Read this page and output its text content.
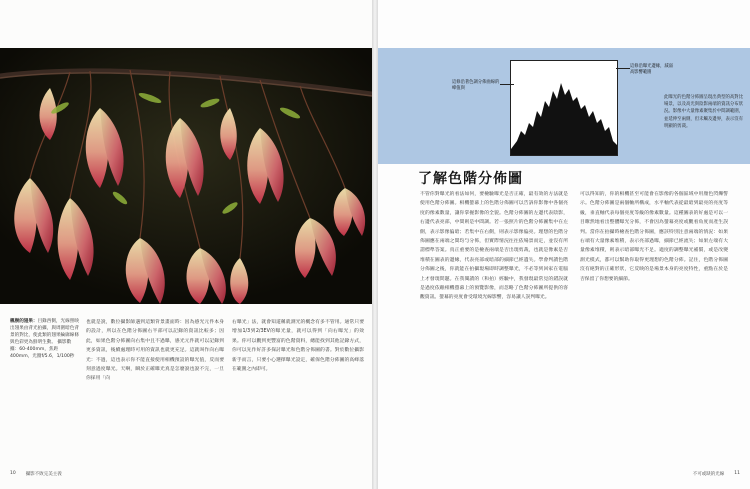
楓樹的翅果：目錄西側，光線照映出翅果由背光拍攝，與周圍暗色背景的對比，使此類的翅果輪廓線條與色彩更為鮮明生動。 攝影數據：60-400mm，焦距 400mm，光圈f/5.6，1/100秒
也就是說，數位攝影師遇到這類背景畫面時：因為感光元件本身的設計，所以在色階分佈圖右半部可以記錄的資訊比較多；因此，如果色階分佈圖向右集中且不過曝，感光元件就可以記錄到更多資訊，後續處理時可用的資訊也就更充足。這就叫作向右曝光：不過，這也表示你不能直接使用相機預設的曝光值，反而要刻意過度曝光。天啊，瞬於正確曝光真是怎麼說也說不完，一旦你採用「向
右曝光」法，就會知道稱就測光的概念有多不管用。通常只要增加1/3到2/3EV的曝光量，就可以得到「向右曝光」的效果。你可以觀到更豐富的色階資料，總能找到其他記錄方式，你可以先作好許多探討曝光和色階分佈圖的書。對於數位攝影新手而言，只要小心選擇曝光設定，確保色階分佈圖的高峰落在範圍之內即可。
10 攝影不敗完美主義
這條沿著色調分佈曲線的峰值與
這條沿曝光邊緣，減弱高影響範圍
此曝光的色階分佈圖呈現出典型的高對比場景，以及高光與陰影兩端的資訊分布狀況。影像中大量像素聚集於中間調範圍，並延伸至兩側，但未觸及邊界，表示沒有明顯的剪裁。
了解色階分佈圖
不管你對曝光的看法如何，要檢驗曝光是否正確，最有效的方法就是使用色階分佈圖。相機螢幕上的色階分佈圖可以告訴你影像中各個亮度的像素數量，讓你掌握影像的全貌。色階分佈圖的左邊代表陰影，右邊代表亮部，中間則是中間調。若一張照片的色階分佈圖集中在左側，表示影像偏暗；若集中在右側，則表示影像偏亮。理想的色階分佈圖應在兩端之間均勻分佈，但實際情況往往依場景而定，並沒有所謂標準答案。真正重要的是檢查兩端是否出現剪裁，也就是像素是否堆積在圖表的邊緣，代表亮部或暗部的細節已經遺失。學會判讀色階分佈圖之後，你就能在拍攝現場即時調整曝光，不必等到回家在電腦上才發現問題。在我閱讀的（和拍）經驗中，我發現最常見的錯誤就是過度依賴相機螢幕上的預覽影像，而忽略了色階分佈圖所提供的客觀資訊。螢幕的亮度會受環境光線影響，容易讓人誤判曝光。
可以得知的，你的相機甚至可能會在影像的各個區域中用顏色閃爍警示。色階分佈圖是兩個軸所構成，水平軸代表從最暗到最亮的亮度等級，垂直軸代表每個亮度等級的像素數量。這種圖表的好處是可以一目瞭然地看出整體曝光分佈，不會因為螢幕亮度或觀看角度而產生誤判。當你在拍攝時檢查色階分佈圖，應該特別注意兩端的情況：如果右端有大量像素堆積，表示亮部過曝，細節已經流失；如果左端有大量像素堆積，則表示暗部曝光不足。適度的調整曝光補償，或是改變測光模式，都可以幫助你取得更理想的色階分佈。記住，色階分佈圖沒有絕對的正確形狀，它反映的是場景本身的亮度特性，重點在於是否保留了你想要的細節。
不可或缺的光線 11
